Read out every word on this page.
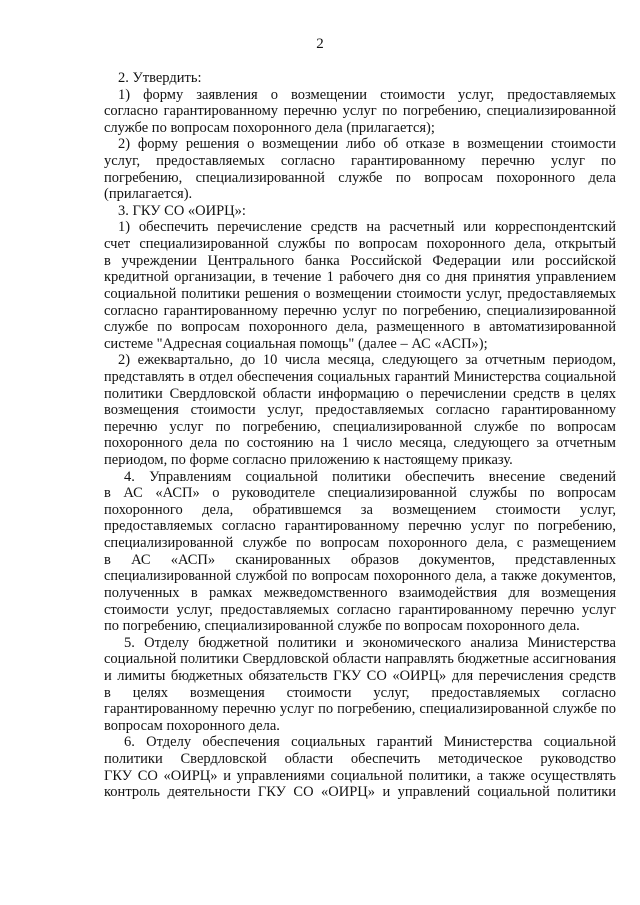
2
2. Утвердить:
1) форму заявления о возмещении стоимости услуг, предоставляемых
согласно гарантированному перечню услуг по погребению, специализированной
службе по вопросам похоронного дела (прилагается);
2) форму решения о возмещении либо об отказе в возмещении стоимости
услуг, предоставляемых согласно гарантированному перечню услуг по
погребению, специализированной службе по вопросам похоронного дела
(прилагается).
3. ГКУ СО «ОИРЦ»:
1) обеспечить перечисление средств на расчетный или корреспондентский
счет специализированной службы по вопросам похоронного дела, открытый
в учреждении Центрального банка Российской Федерации или российской
кредитной организации, в течение 1 рабочего дня со дня принятия управлением
социальной политики решения о возмещении стоимости услуг, предоставляемых
согласно гарантированному перечню услуг по погребению, специализированной
службе по вопросам похоронного дела, размещенного в автоматизированной
системе "Адресная социальная помощь" (далее – АС «АСП»);
2) ежеквартально, до 10 числа месяца, следующего за отчетным периодом,
представлять в отдел обеспечения социальных гарантий Министерства социальной
политики Свердловской области информацию о перечислении средств в целях
возмещения стоимости услуг, предоставляемых согласно гарантированному
перечню услуг по погребению, специализированной службе по вопросам
похоронного дела по состоянию на 1 число месяца, следующего за отчетным
периодом, по форме согласно приложению к настоящему приказу.
4. Управлениям социальной политики обеспечить внесение сведений
в АС «АСП» о руководителе специализированной службы по вопросам
похоронного дела, обратившемся за возмещением стоимости услуг,
предоставляемых согласно гарантированному перечню услуг по погребению,
специализированной службе по вопросам похоронного дела, с размещением
в АС «АСП» сканированных образов документов, представленных
специализированной службой по вопросам похоронного дела, а также документов,
полученных в рамках межведомственного взаимодействия для возмещения
стоимости услуг, предоставляемых согласно гарантированному перечню услуг
по погребению, специализированной службе по вопросам похоронного дела.
5. Отделу бюджетной политики и экономического анализа Министерства
социальной политики Свердловской области направлять бюджетные ассигнования
и лимиты бюджетных обязательств ГКУ СО «ОИРЦ» для перечисления средств
в целях возмещения стоимости услуг, предоставляемых согласно
гарантированному перечню услуг по погребению, специализированной службе по
вопросам похоронного дела.
6. Отделу обеспечения социальных гарантий Министерства социальной
политики Свердловской области обеспечить методическое руководство
ГКУ СО «ОИРЦ» и управлениями социальной политики, а также осуществлять
контроль деятельности ГКУ СО «ОИРЦ» и управлений социальной политики
